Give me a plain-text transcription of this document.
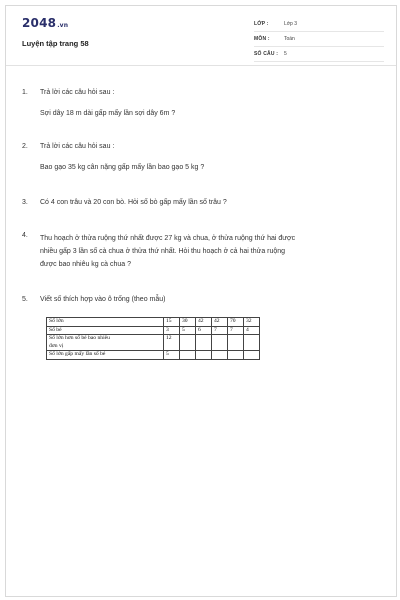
2048.vn
Luyện tập trang 58
LỚP :	Lớp 3
MÔN :	Toán
SỐ CÂU : 5
1.	Trả lời các câu hỏi sau :
Sợi dây 18 m dài gấp mấy lần sợi dây 6m ?
2.	Trả lời các câu hỏi sau :
Bao gạo 35 kg cân nặng gấp mấy lần bao gạo 5 kg ?
3.	Có 4 con trâu và 20 con bò. Hỏi số bò gấp mấy lần số trâu ?
4.	Thu hoạch ở thửa ruộng thứ nhất được 27 kg và chua, ở thửa ruộng thứ hai được
nhiều gấp 3 lần số cà chua ở thửa thứ nhất. Hỏi thu hoạch ở cả hai thửa ruộng
được bao nhiêu kg cà chua ?
5.	Viết số thích hợp vào ô trống (theo mẫu)
Số lớn	15	30	42	42	70	32
Số bé	3	5	6	7	7	4

Số lớn hơn số bé bao nhiêu
đơn vị	12					
Số lớn gấp mấy lần số bé	5					
